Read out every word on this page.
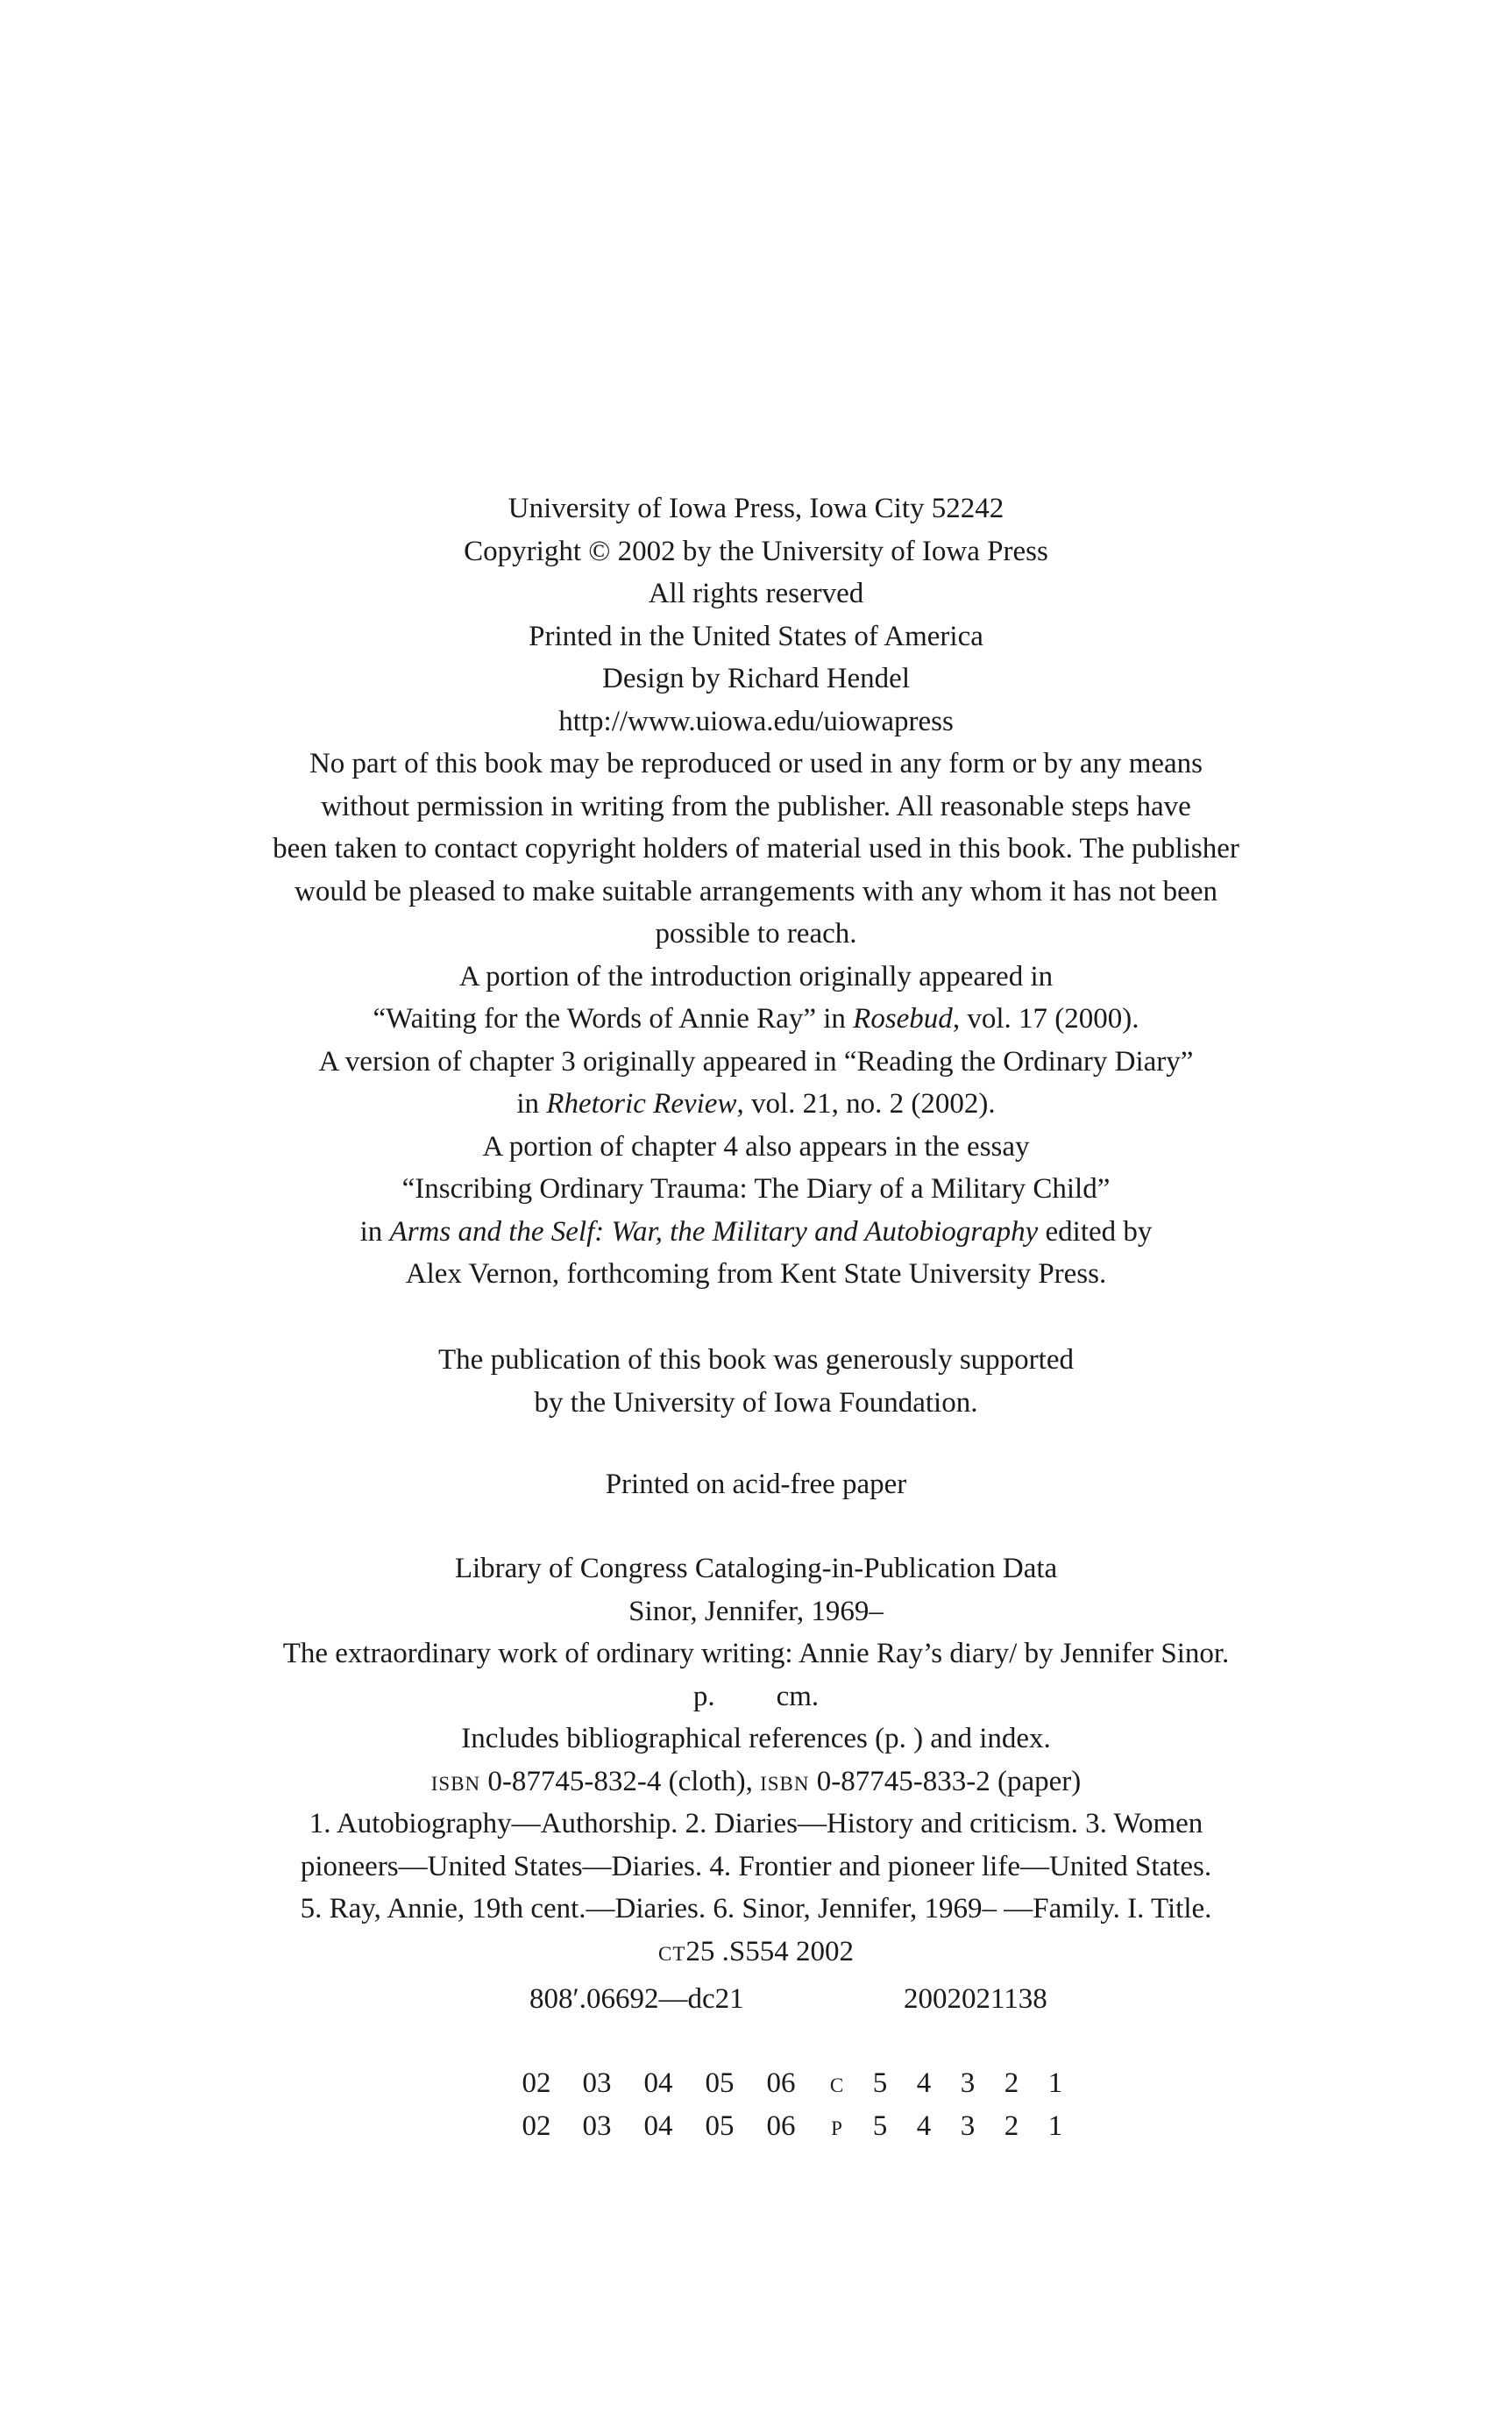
University of Iowa Press, Iowa City 52242
Copyright © 2002 by the University of Iowa Press
All rights reserved
Printed in the United States of America
Design by Richard Hendel
http://www.uiowa.edu/uiowapress
No part of this book may be reproduced or used in any form or by any means
without permission in writing from the publisher. All reasonable steps have
been taken to contact copyright holders of material used in this book. The publisher
would be pleased to make suitable arrangements with any whom it has not been
possible to reach.
A portion of the introduction originally appeared in
“Waiting for the Words of Annie Ray” in Rosebud, vol. 17 (2000).
A version of chapter 3 originally appeared in “Reading the Ordinary Diary”
in Rhetoric Review, vol. 21, no. 2 (2002).
A portion of chapter 4 also appears in the essay
“Inscribing Ordinary Trauma: The Diary of a Military Child”
in Arms and the Self: War, the Military and Autobiography edited by
Alex Vernon, forthcoming from Kent State University Press.
The publication of this book was generously supported
by the University of Iowa Foundation.
Printed on acid-free paper
Library of Congress Cataloging-in-Publication Data
Sinor, Jennifer, 1969–
The extraordinary work of ordinary writing: Annie Ray’s diary/ by Jennifer Sinor.
p. cm.
Includes bibliographical references (p. ) and index.
isbn 0-87745-832-4 (cloth), isbn 0-87745-833-2 (paper)
1. Autobiography—Authorship. 2. Diaries—History and criticism. 3. Women
pioneers—United States—Diaries. 4. Frontier and pioneer life—United States.
5. Ray, Annie, 19th cent.—Diaries. 6. Sinor, Jennifer, 1969– —Family. I. Title.
ct25 .S554 2002
808′.06692—dc21	2002021138
02	03	04	05	06	c 5	4	3	2	1
02	03	04	05	06	p	5	4	3	2	1
